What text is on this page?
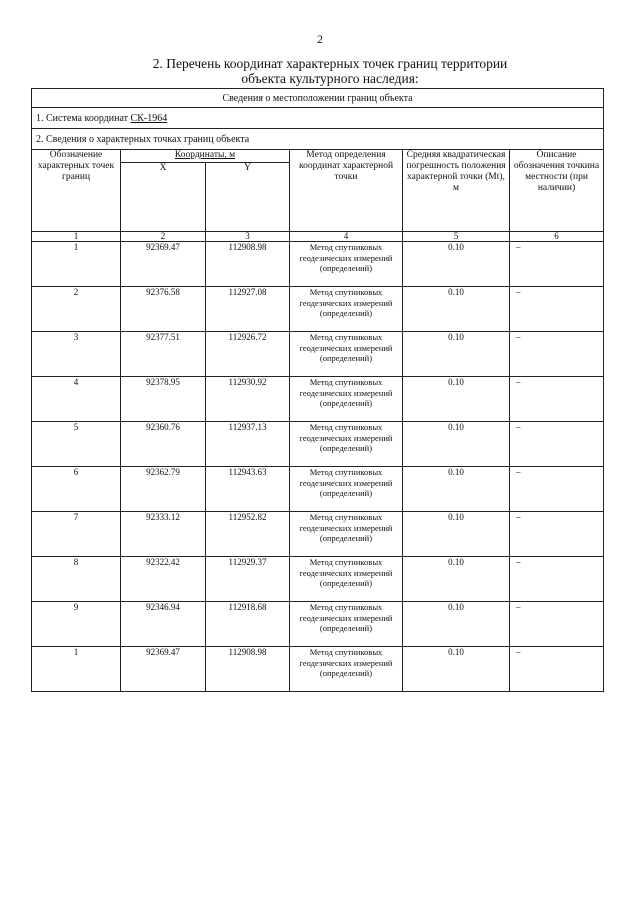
2
2. Перечень координат характерных точек границ территории
объекта культурного наследия:
Сведения о местоположении границ объекта					
1. Система координат СК-1964					
2. Сведения о характерных точках границ объекта					
Обозначение характерных точек границ	Координаты, м		Метод определения координат характерной точки	Средняя квадратическая погрешность положения характерной точки (Mt), м	Описание обозначения точкина местности (при наличии)
	X	Y			
1	2	3	4	5	6
1	92369.47	112908.98	Метод спутниковых геодезических измерений (определений)	0.10	–
2	92376.58	112927.08	Метод спутниковых геодезических измерений (определений)	0.10	–
3	92377.51	112926.72	Метод спутниковых геодезических измерений (определений)	0.10	–
4	92378.95	112930.92	Метод спутниковых геодезических измерений (определений)	0.10	–
5	92360.76	112937.13	Метод спутниковых геодезических измерений (определений)	0.10	–
6	92362.79	112943.63	Метод спутниковых геодезических измерений (определений)	0.10	–
7	92333.12	112952.82	Метод спутниковых геодезических измерений (определений)	0.10	–
8	92322.42	112929.37	Метод спутниковых геодезических измерений (определений)	0.10	–
9	92346.94	112918.68	Метод спутниковых геодезических измерений (определений)	0.10	–
1	92369.47	112908.98	Метод спутниковых геодезических измерений (определений)	0.10	–
